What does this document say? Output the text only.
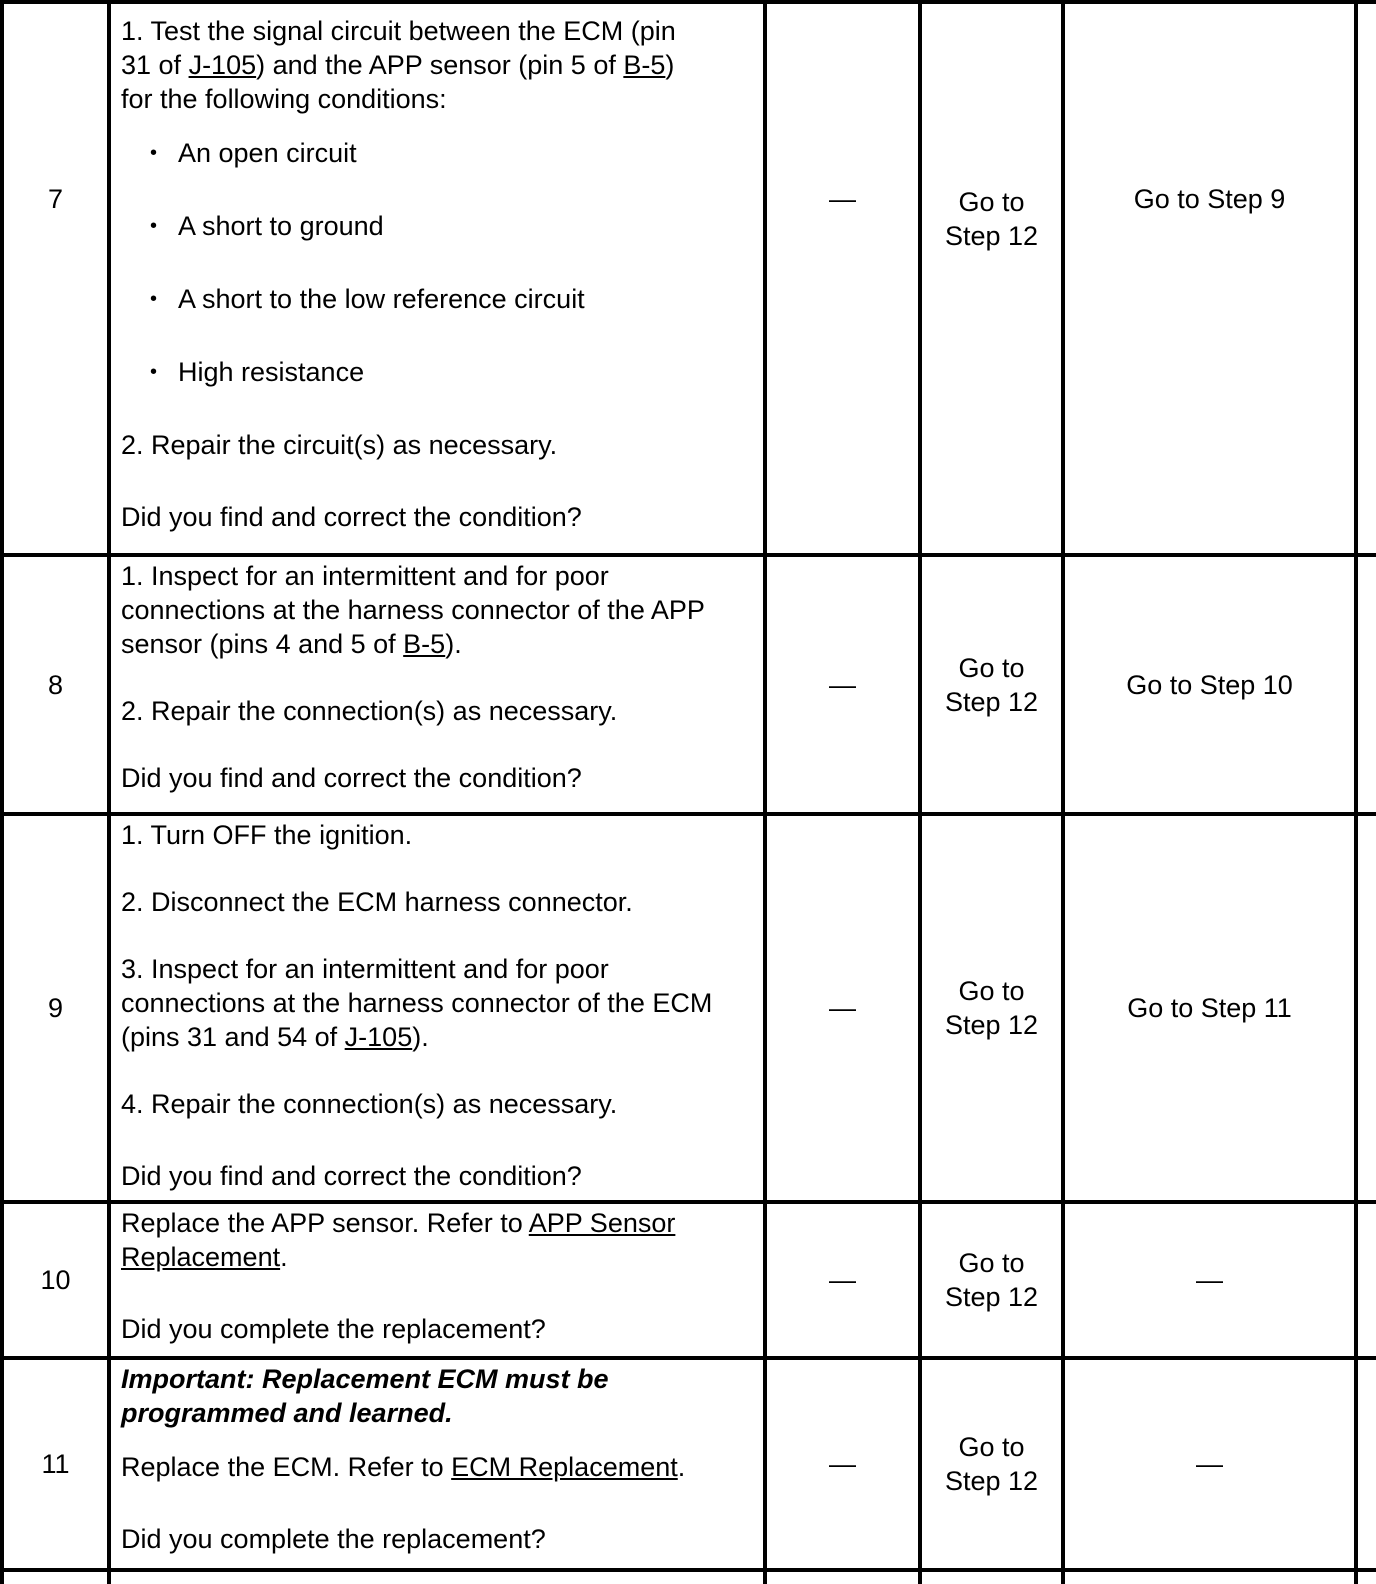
7

1. Test the signal circuit between the ECM (pin

31 of J-105) and the APP sensor (pin 5 of B-5)

for the following conditions:

• An open circuit
• A short to ground
• A short to the low reference circuit
• High resistance

2. Repair the circuit(s) as necessary.

Did you find and correct the condition?

—	Go to Step 12
Go to Step 9
8

1. Inspect for an intermittent and for poor

connections at the harness connector of the APP

sensor (pins 4 and 5 of B-5).

2. Repair the connection(s) as necessary.

Did you find and correct the condition?

—
Go to Step 12
Go to Step 10
9

1. Turn OFF the ignition.

2. Disconnect the ECM harness connector.

3. Inspect for an intermittent and for poor

connections at the harness connector of the ECM

(pins 31 and 54 of J-105).

4. Repair the connection(s) as necessary.

Did you find and correct the condition?

—
Go to Step 12
Go to Step 11
10

Replace the APP sensor. Refer to APP Sensor

Replacement.

Did you complete the replacement?

—
Go to Step 12
—
11

Important: Replacement ECM must be

programmed and learned.

Replace the ECM. Refer to ECM Replacement.

Did you complete the replacement?

—
Go to Step 12
—
